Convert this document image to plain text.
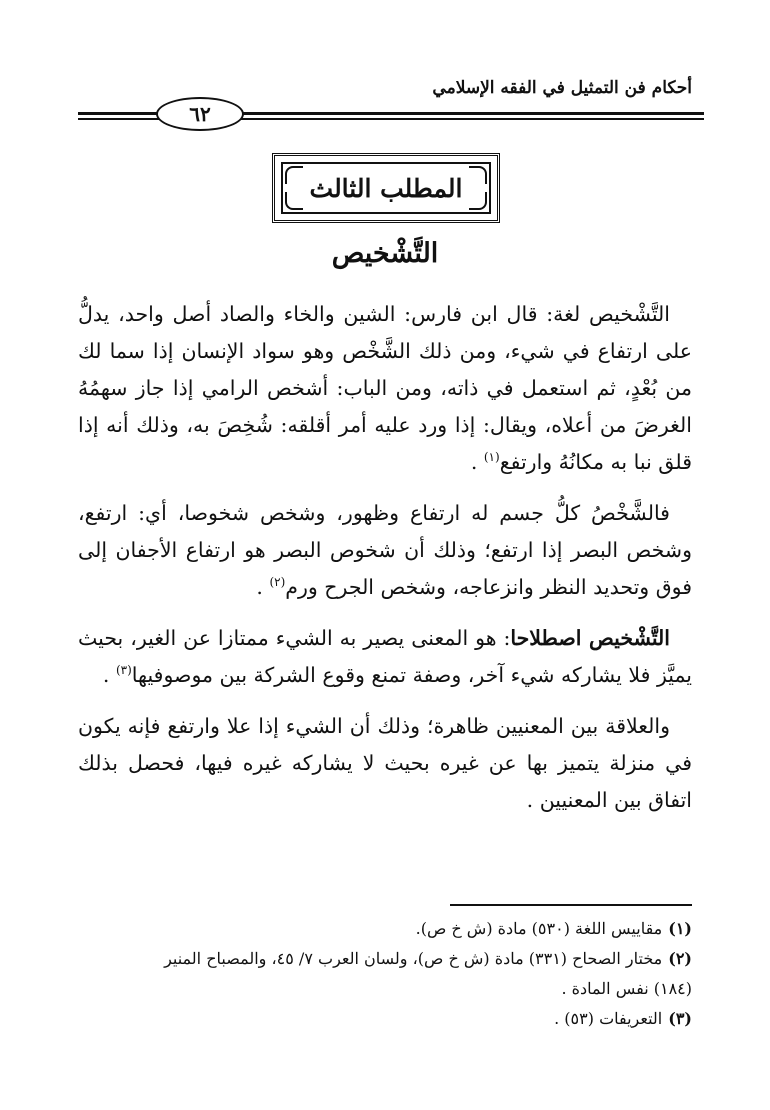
أحكام فن التمثيل في الفقه الإسلامي
٦٢
المطلب الثالث
التَّشْخيص

التَّشْخيص لغة: قال ابن فارس: الشين والخاء والصاد أصل واحد، يدلُّ على ارتفاع في شيء، ومن ذلك الشَّخْص وهو سواد الإنسان إذا سما لك من بُعْدٍ، ثم استعمل في ذاته، ومن الباب: أشخص الرامي إذا جاز سهمُهُ الغرضَ من أعلاه، ويقال: إذا ورد عليه أمر أقلقه: شُخِصَ به، وذلك أنه إذا قلق نبا به مكانُهُ وارتفع$^{(١)}$ .

فالشَّخْصُ كلُّ جسم له ارتفاع وظهور، وشخص شخوصا، أي: ارتفع، وشخص البصر إذا ارتفع؛ وذلك أن شخوص البصر هو ارتفاع الأجفان إلى فوق وتحديد النظر وانزعاجه، وشخص الجرح ورم$^{(٢)}$ .

التَّشْخيص اصطلاحا: هو المعنى يصير به الشيء ممتازا عن الغير، بحيث يميَّز فلا يشاركه شيء آخر، وصفة تمنع وقوع الشركة بين موصوفيها$^{(٣)}$ .

والعلاقة بين المعنيين ظاهرة؛ وذلك أن الشيء إذا علا وارتفع فإنه يكون في منزلة يتميز بها عن غيره بحيث لا يشاركه غيره فيها، فحصل بذلك اتفاق بين المعنيين .

(١)مقاييس اللغة (٥٣٠) مادة (ش خ ص).

(٢)مختار الصحاح (٣٣١) مادة (ش خ ص)، ولسان العرب ٧/ ٤٥، والمصباح المنير

(١٨٤) نفس المادة .

(٣)التعريفات (٥٣) .
